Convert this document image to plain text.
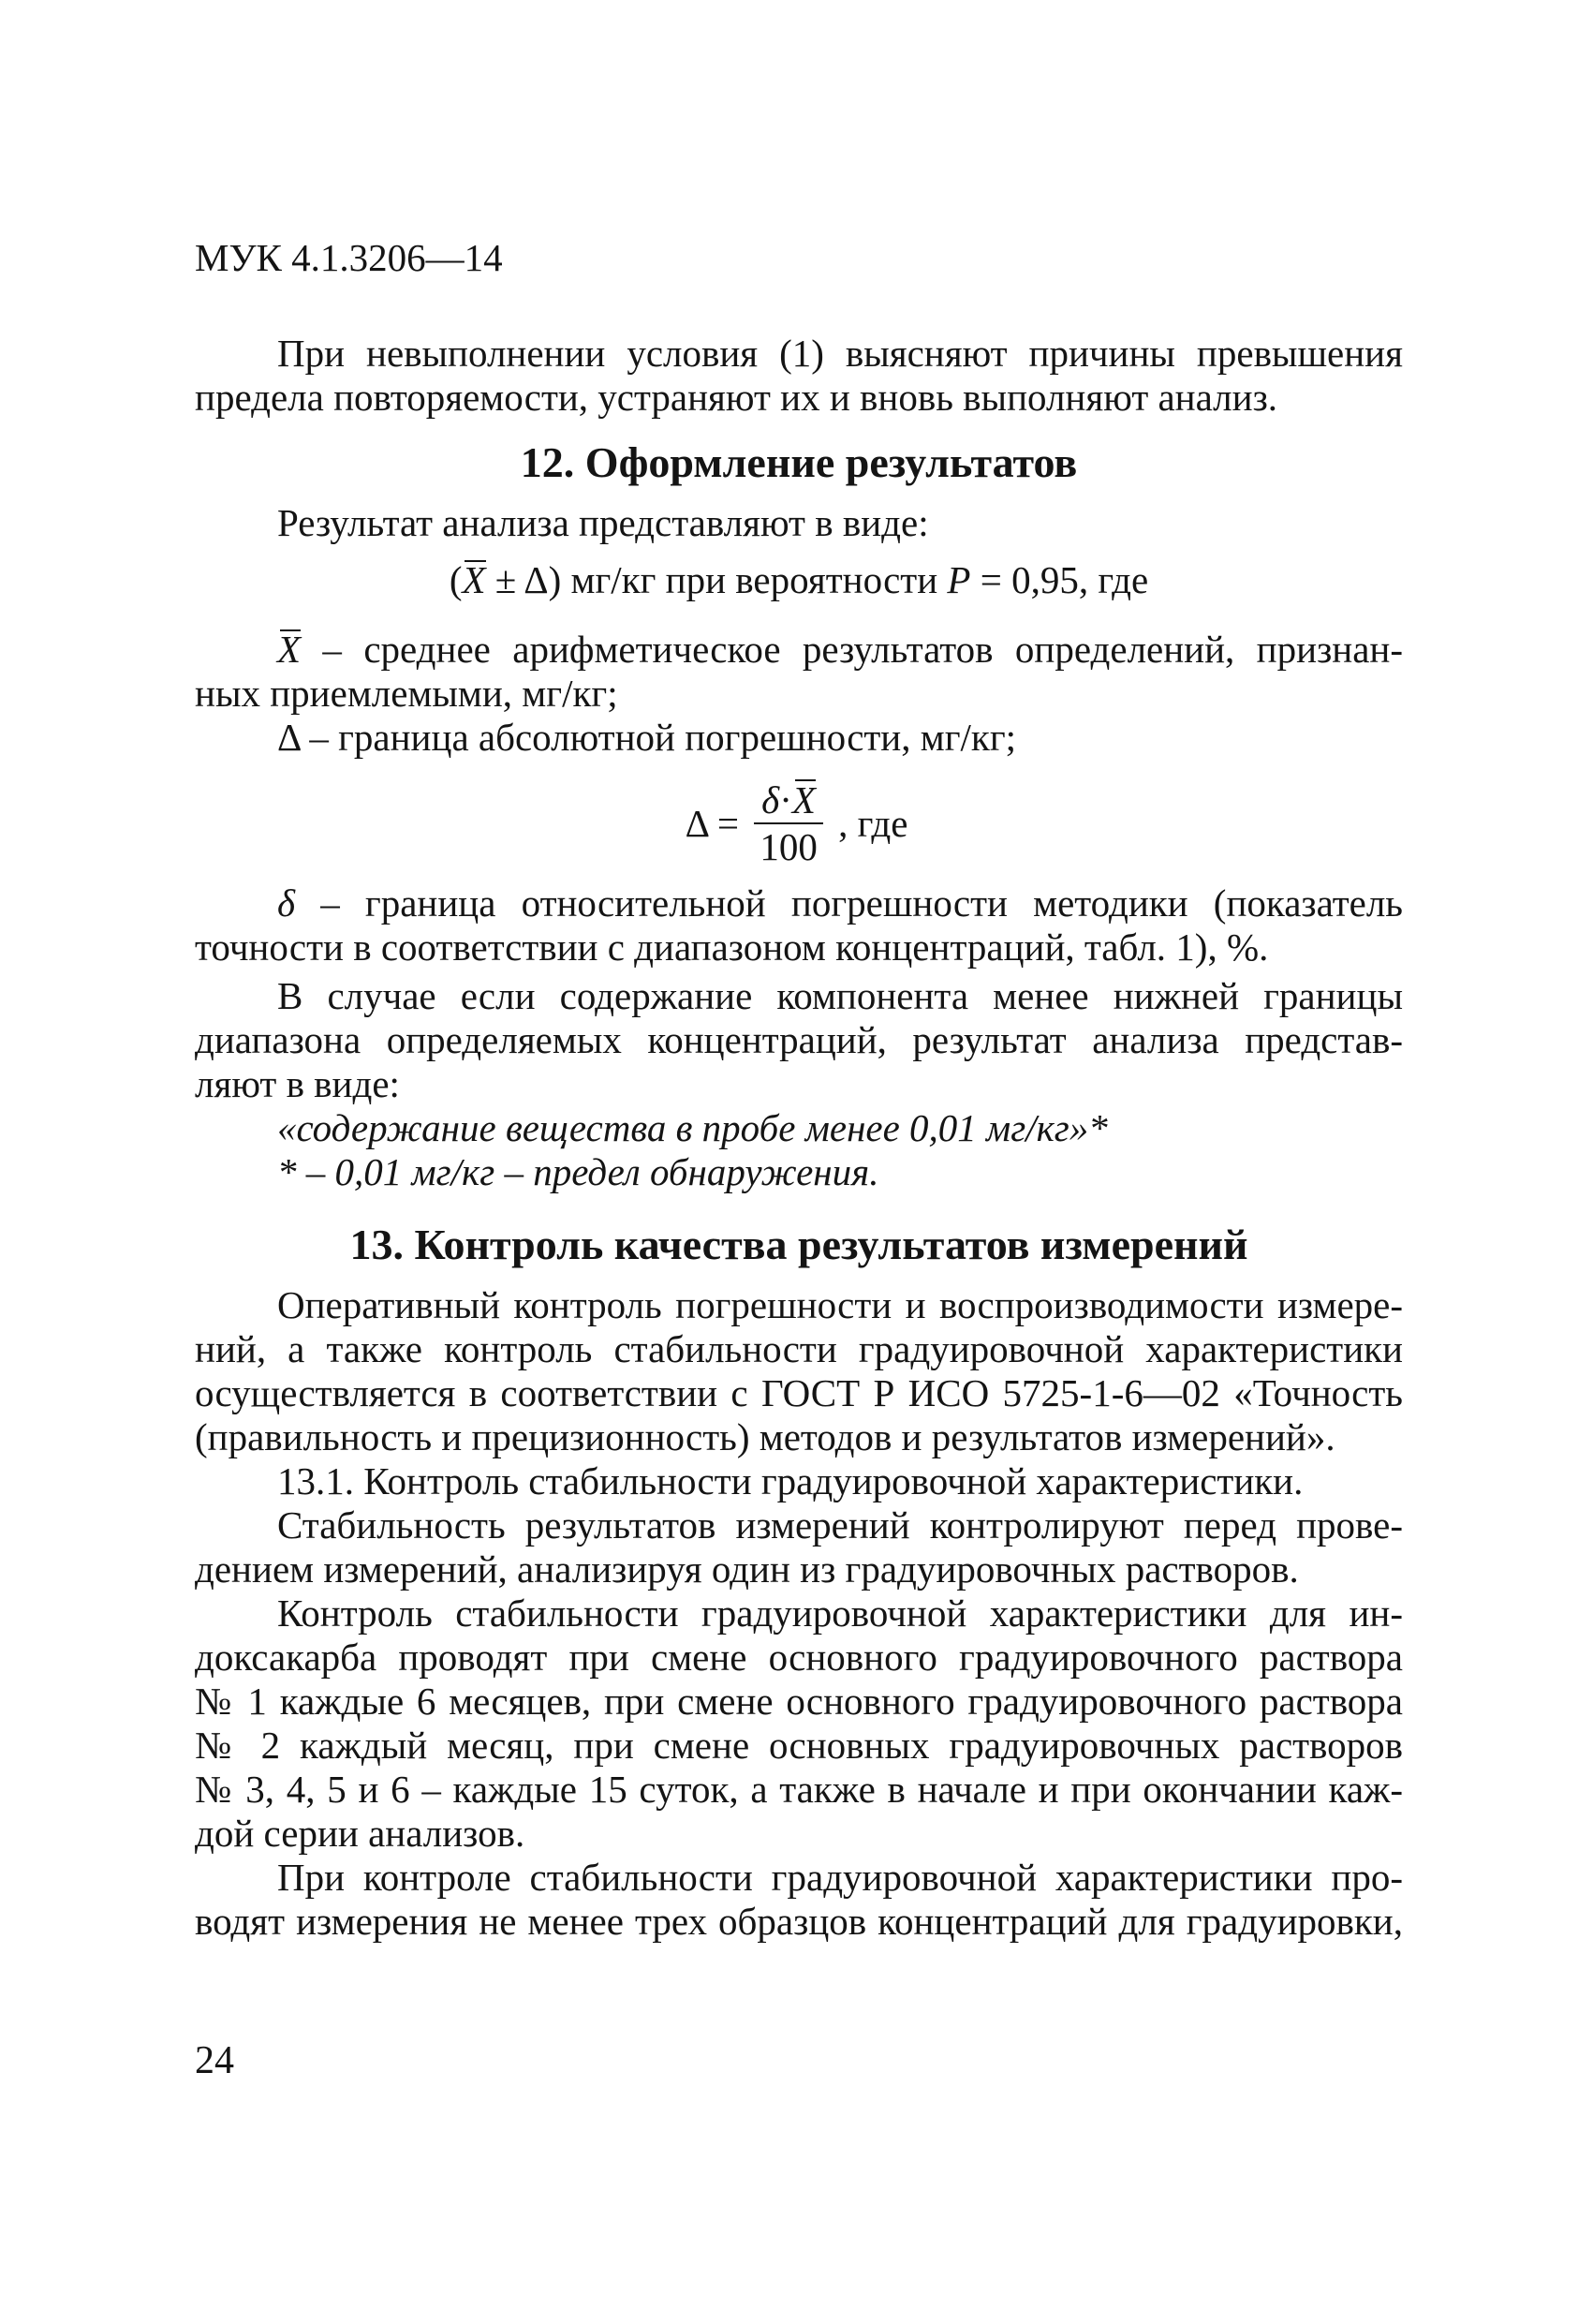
МУК 4.1.3206—14
При невыполнении условия (1) выясняют причины превышения
предела повторяемости, устраняют их и вновь выполняют анализ.
12. Оформление результатов
Результат анализа представляют в виде:
(X ± Δ) мг/кг при вероятности P = 0,95, где
X – среднее арифметическое результатов определений, признан-
ных приемлемыми, мг/кг;
Δ – граница абсолютной погрешности, мг/кг;
$\Delta = \frac{\delta\cdot X}{100}$ , где
δ – граница относительной погрешности методики (показатель
точности в соответствии с диапазоном концентраций, табл. 1), %.
В случае если содержание компонента менее нижней границы
диапазона определяемых концентраций, результат анализа представ-
ляют в виде:
«содержание вещества в пробе менее 0,01 мг/кг»*
* – 0,01 мг/кг – предел обнаружения.
13. Контроль качества результатов измерений
Оперативный контроль погрешности и воспроизводимости измере-
ний, а также контроль стабильности градуировочной характеристики
осуществляется в соответствии с ГОСТ Р ИСО 5725-1-6—02 «Точность
(правильность и прецизионность) методов и результатов измерений».
13.1. Контроль стабильности градуировочной характеристики.
Стабильность результатов измерений контролируют перед прове-
дением измерений, анализируя один из градуировочных растворов.
Контроль стабильности градуировочной характеристики для ин-
доксакарба проводят при смене основного градуировочного раствора
№ 1 каждые 6 месяцев, при смене основного градуировочного раствора
№ 2 каждый месяц, при смене основных градуировочных растворов
№ 3, 4, 5 и 6 – каждые 15 суток, а также в начале и при окончании каж-
дой серии анализов.
При контроле стабильности градуировочной характеристики про-
водят измерения не менее трех образцов концентраций для градуировки,
24
